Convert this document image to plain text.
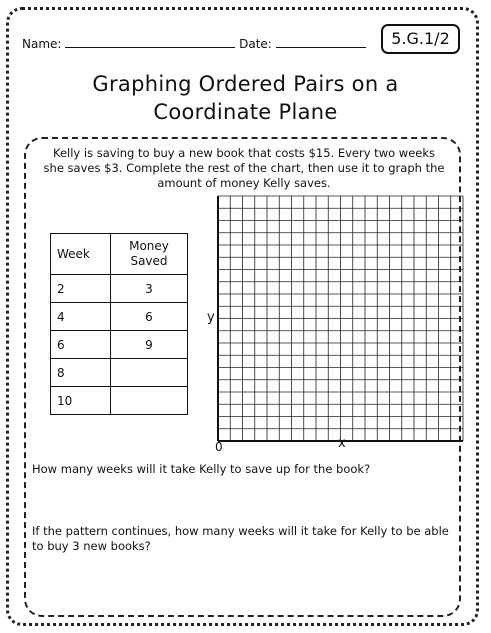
Name:	Date:	5.G.1/2
Graphing Ordered Pairs on a
Coordinate Plane
Kelly is saving to buy a new book that costs $15. Every two weeks she saves $3. Complete the rest of the chart, then use it to graph the amount of money Kelly saves.
Week	Money Saved
2	3
4	6
6	9
8	
10	
y
x
0
How many weeks will it take Kelly to save up for the book?
If the pattern continues, how many weeks will it take for Kelly to be able to buy 3 new books?
